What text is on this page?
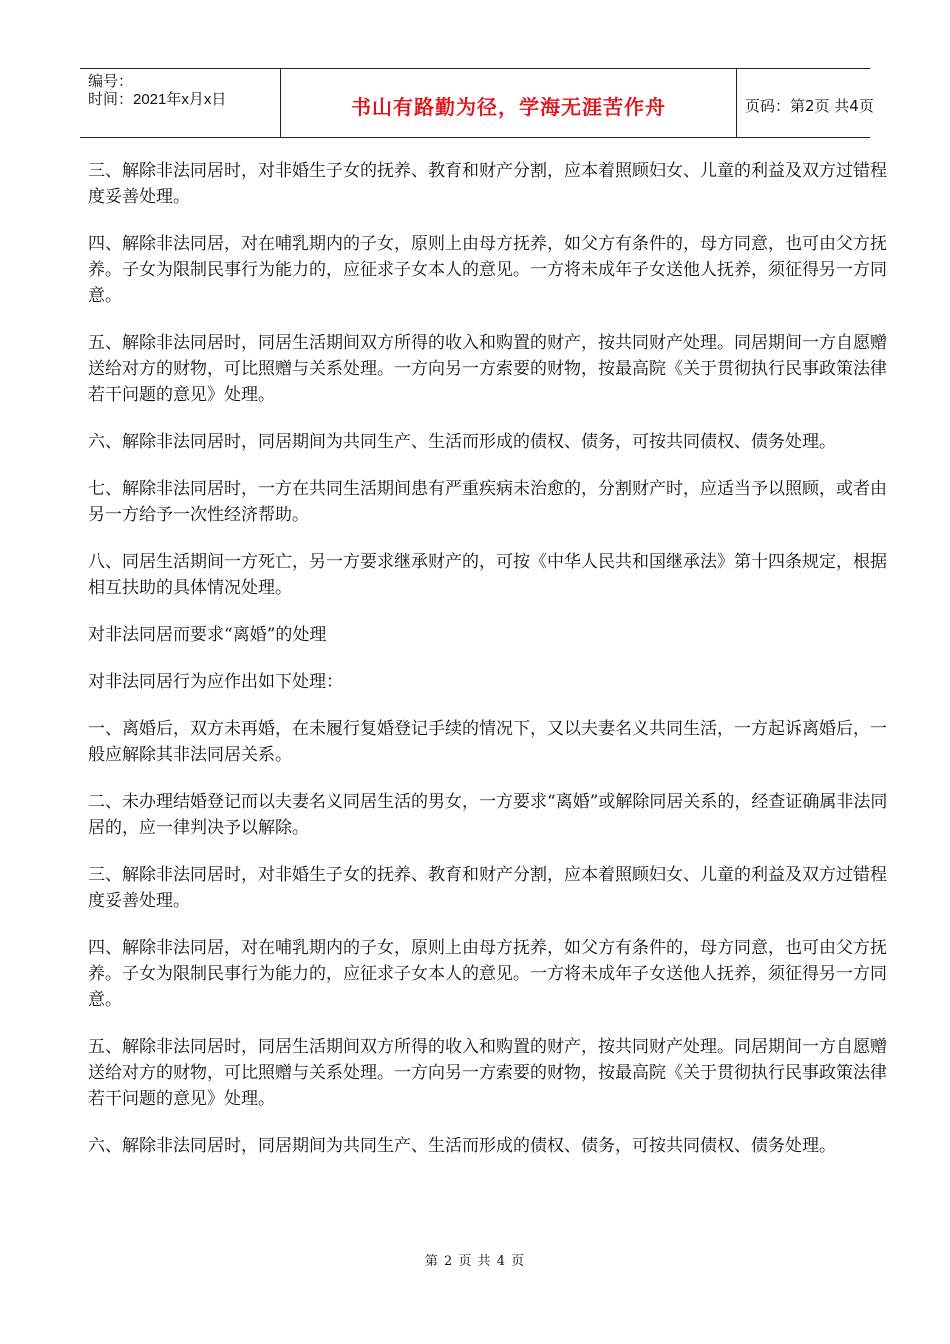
编号：
时间：2021年x月x日	书山有路勤为径，学海无涯苦作舟	页码：第2页 共4页

三、解除非法同居时，对非婚生子女的抚养、教育和财产分割，应本着照顾妇女、儿童的利益及双方过错程度妥善处理。

四、解除非法同居，对在哺乳期内的子女，原则上由母方抚养，如父方有条件的，母方同意，也可由父方抚养。子女为限制民事行为能力的，应征求子女本人的意见。一方将未成年子女送他人抚养，须征得另一方同意。

五、解除非法同居时，同居生活期间双方所得的收入和购置的财产，按共同财产处理。同居期间一方自愿赠送给对方的财物，可比照赠与关系处理。一方向另一方索要的财物，按最高院《关于贯彻执行民事政策法律若干问题的意见》处理。

六、解除非法同居时，同居期间为共同生产、生活而形成的债权、债务，可按共同债权、债务处理。

七、解除非法同居时，一方在共同生活期间患有严重疾病未治愈的，分割财产时，应适当予以照顾，或者由另一方给予一次性经济帮助。

八、同居生活期间一方死亡，另一方要求继承财产的，可按《中华人民共和国继承法》第十四条规定，根据相互扶助的具体情况处理。

对非法同居而要求“离婚”的处理

对非法同居行为应作出如下处理：

一、离婚后，双方未再婚，在未履行复婚登记手续的情况下，又以夫妻名义共同生活，一方起诉离婚后，一般应解除其非法同居关系。

二、未办理结婚登记而以夫妻名义同居生活的男女，一方要求“离婚”或解除同居关系的，经查证确属非法同居的，应一律判决予以解除。

三、解除非法同居时，对非婚生子女的抚养、教育和财产分割，应本着照顾妇女、儿童的利益及双方过错程度妥善处理。

四、解除非法同居，对在哺乳期内的子女，原则上由母方抚养，如父方有条件的，母方同意，也可由父方抚养。子女为限制民事行为能力的，应征求子女本人的意见。一方将未成年子女送他人抚养，须征得另一方同意。

五、解除非法同居时，同居生活期间双方所得的收入和购置的财产，按共同财产处理。同居期间一方自愿赠送给对方的财物，可比照赠与关系处理。一方向另一方索要的财物，按最高院《关于贯彻执行民事政策法律若干问题的意见》处理。

六、解除非法同居时，同居期间为共同生产、生活而形成的债权、债务，可按共同债权、债务处理。

第 2 页 共 4 页
